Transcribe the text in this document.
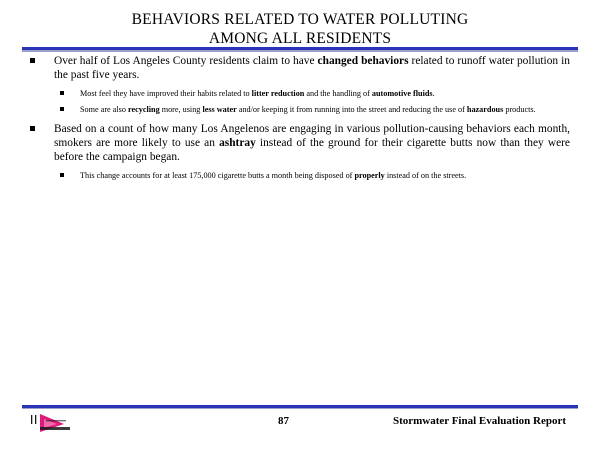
BEHAVIORS RELATED TO WATER POLLUTING
AMONG ALL RESIDENTS
Over half of Los Angeles County residents claim to have changed behaviors related to runoff water pollution in the past five years.
Most feel they have improved their habits related to litter reduction and the handling of automotive fluids.
Some are also recycling more, using less water and/or keeping it from running into the street and reducing the use of hazardous products.
Based on a count of how many Los Angelenos are engaging in various pollution-causing behaviors each month, smokers are more likely to use an ashtray instead of the ground for their cigarette butts now than they were before the campaign began.
This change accounts for at least 175,000 cigarette butts a month being disposed of properly instead of on the streets.
87	Stormwater Final Evaluation Report
